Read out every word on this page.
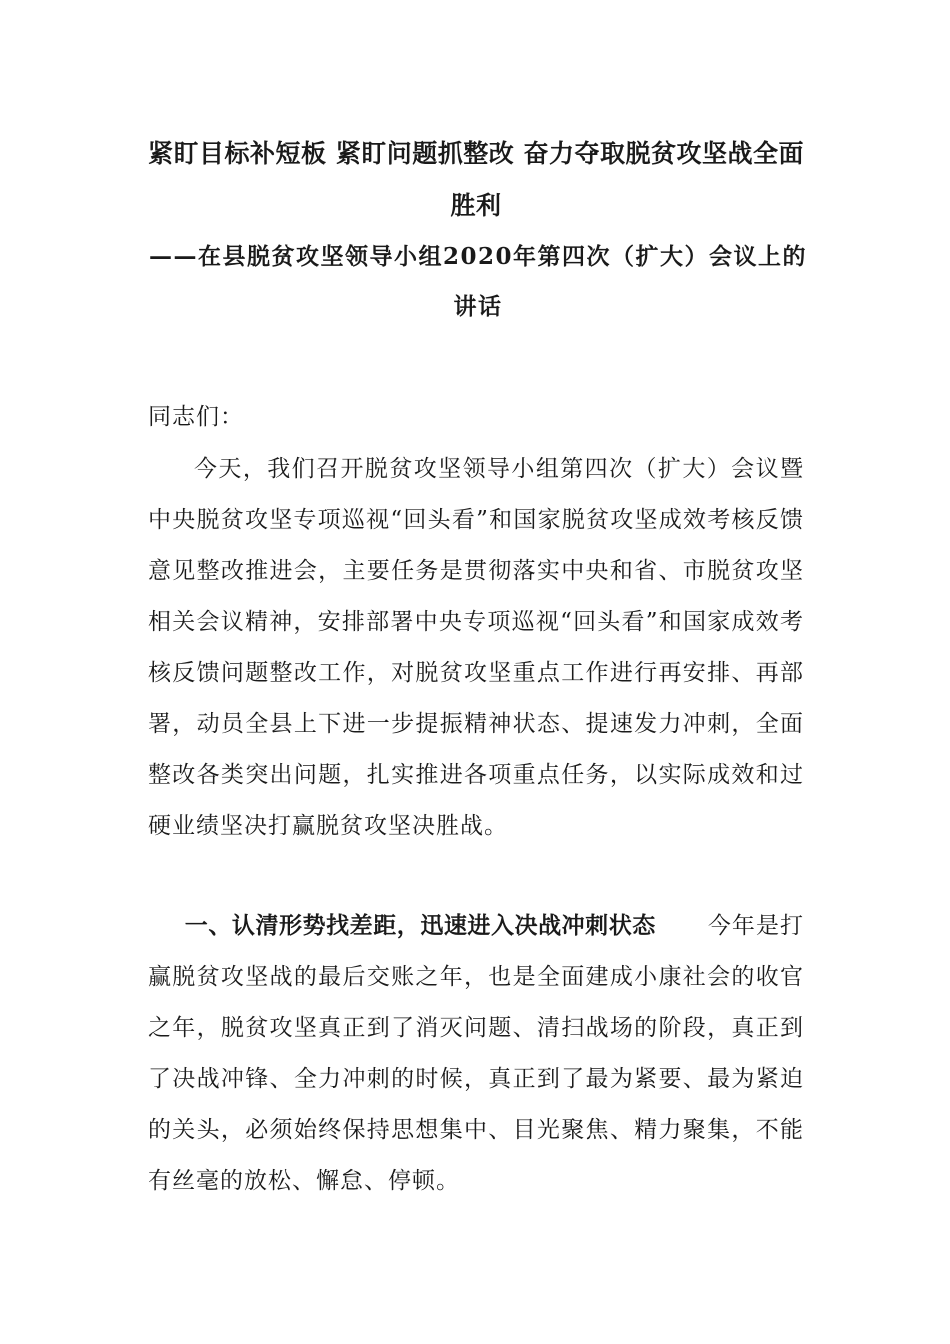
紧盯目标补短板 紧盯问题抓整改 奋力夺取脱贫攻坚战全面胜利
——在县脱贫攻坚领导小组2020年第四次（扩大）会议上的讲话

同志们：

今天，我们召开脱贫攻坚领导小组第四次（扩大）会议暨中央脱贫攻坚专项巡视“回头看”和国家脱贫攻坚成效考核反馈意见整改推进会，主要任务是贯彻落实中央和省、市脱贫攻坚相关会议精神，安排部署中央专项巡视“回头看”和国家成效考核反馈问题整改工作，对脱贫攻坚重点工作进行再安排、再部署，动员全县上下进一步提振精神状态、提速发力冲刺，全面整改各类突出问题，扎实推进各项重点任务，以实际成效和过硬业绩坚决打赢脱贫攻坚决胜战。

一、认清形势找差距，迅速进入决战冲刺状态 今年是打赢脱贫攻坚战的最后交账之年，也是全面建成小康社会的收官之年，脱贫攻坚真正到了消灭问题、清扫战场的阶段，真正到了决战冲锋、全力冲刺的时候，真正到了最为紧要、最为紧迫的关头，必须始终保持思想集中、目光聚焦、精力聚集，不能有丝毫的放松、懈怠、停顿。
